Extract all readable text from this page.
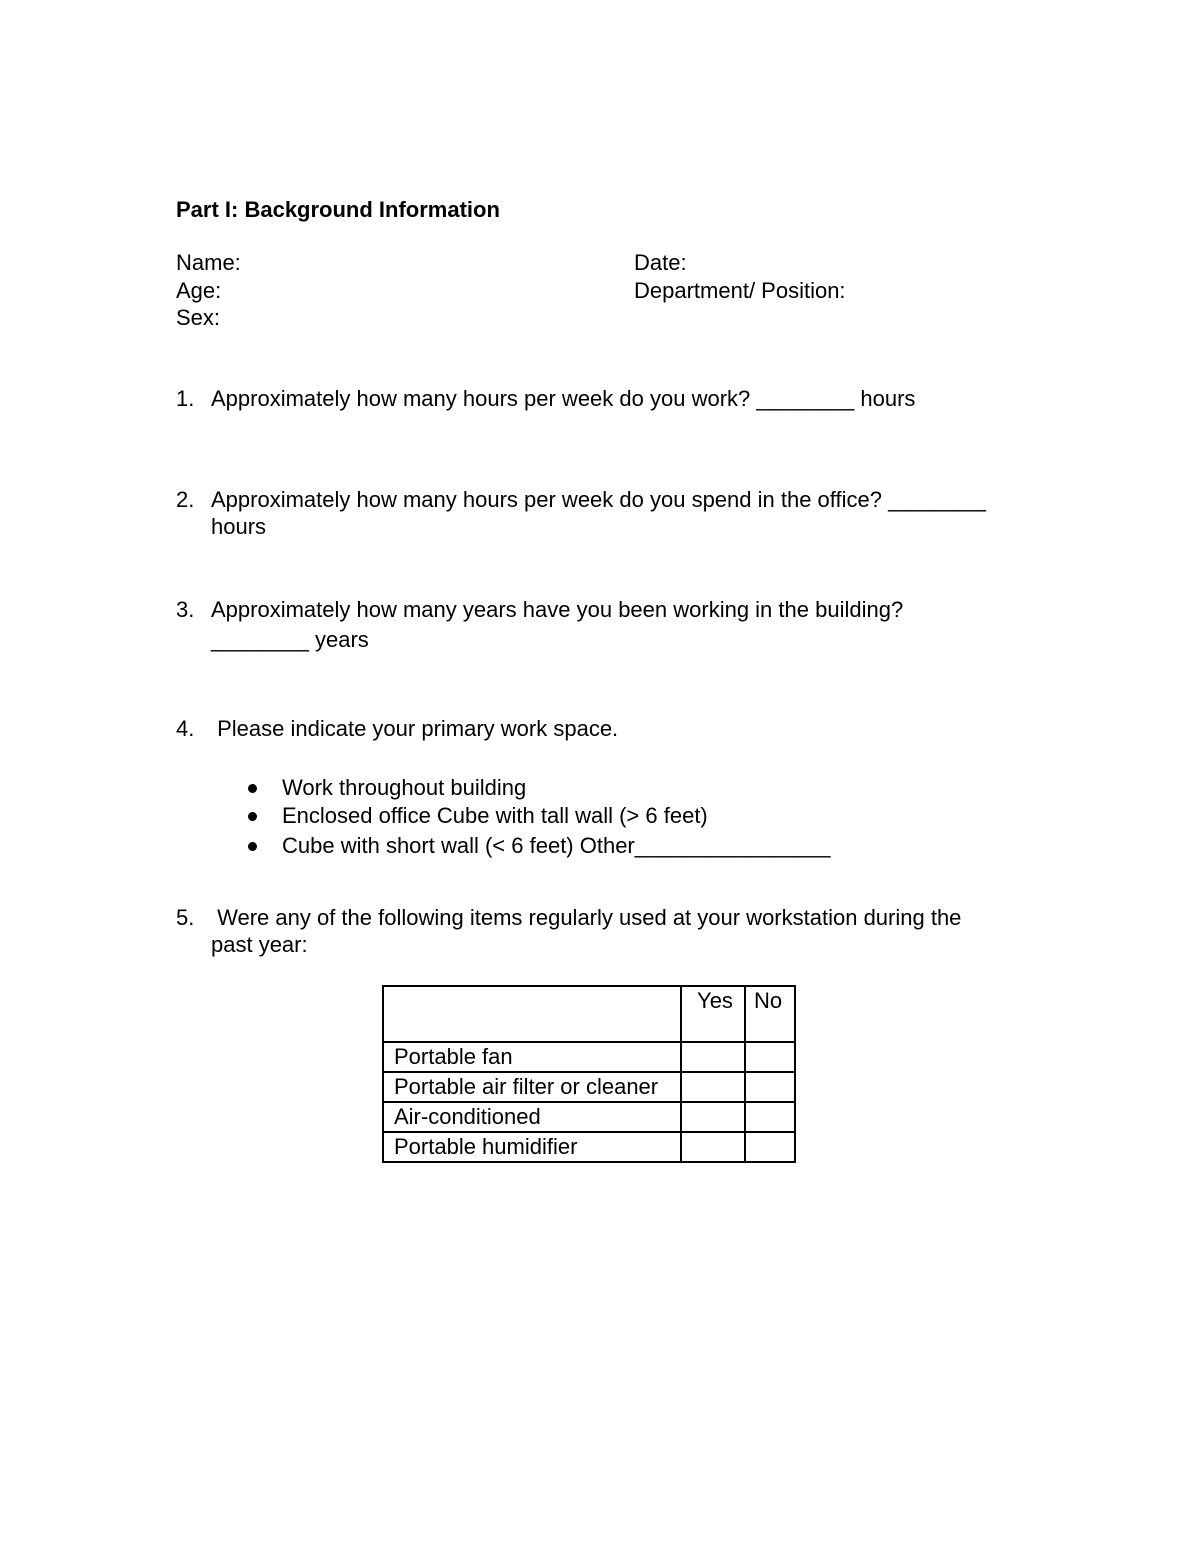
Part I: Background Information
Name:	Date:
Age:	Department/ Position:
Sex:
1. Approximately how many hours per week do you work? ________ hours
2. Approximately how many hours per week do you spend in the office? ________
hours
3. Approximately how many years have you been working in the building?
________ years
4. Please indicate your primary work space.
Work throughout building
Enclosed office Cube with tall wall (> 6 feet)
Cube with short wall (< 6 feet) Other________________
5. Were any of the following items regularly used at your workstation during the
past year:
	Yes	No
Portable fan		
Portable air filter or cleaner		
Air-conditioned		
Portable humidifier		
